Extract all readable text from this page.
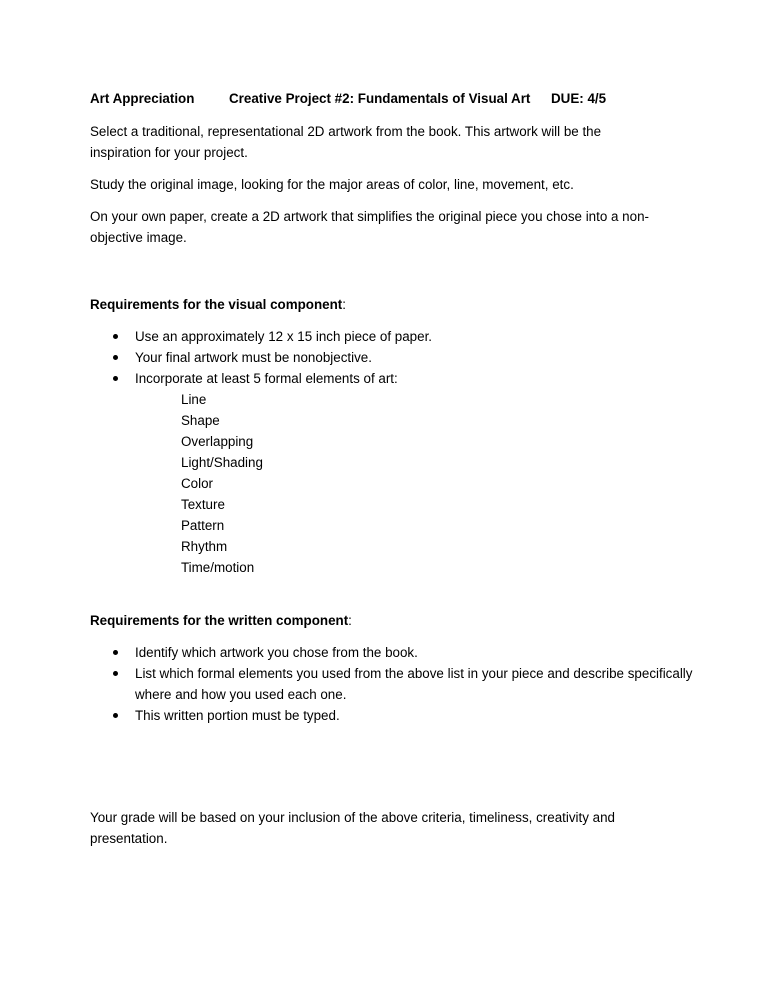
Art Appreciation	Creative Project #2: Fundamentals of Visual Art	DUE: 4/5

Select a traditional, representational 2D artwork from the book. This artwork will be the inspiration for your project.

Study the original image, looking for the major areas of color, line, movement, etc.

On your own paper, create a 2D artwork that simplifies the original piece you chose into a non-objective image.

Requirements for the visual component:

Use an approximately 12 x 15 inch piece of paper.
Your final artwork must be nonobjective.
Incorporate at least 5 formal elements of art:
Line
Shape
Overlapping
Light/Shading
Color
Texture
Pattern
Rhythm
Time/motion

Requirements for the written component:

Identify which artwork you chose from the book.
List which formal elements you used from the above list in your piece and describe specifically where and how you used each one.
This written portion must be typed.

Your grade will be based on your inclusion of the above criteria, timeliness, creativity and presentation.
